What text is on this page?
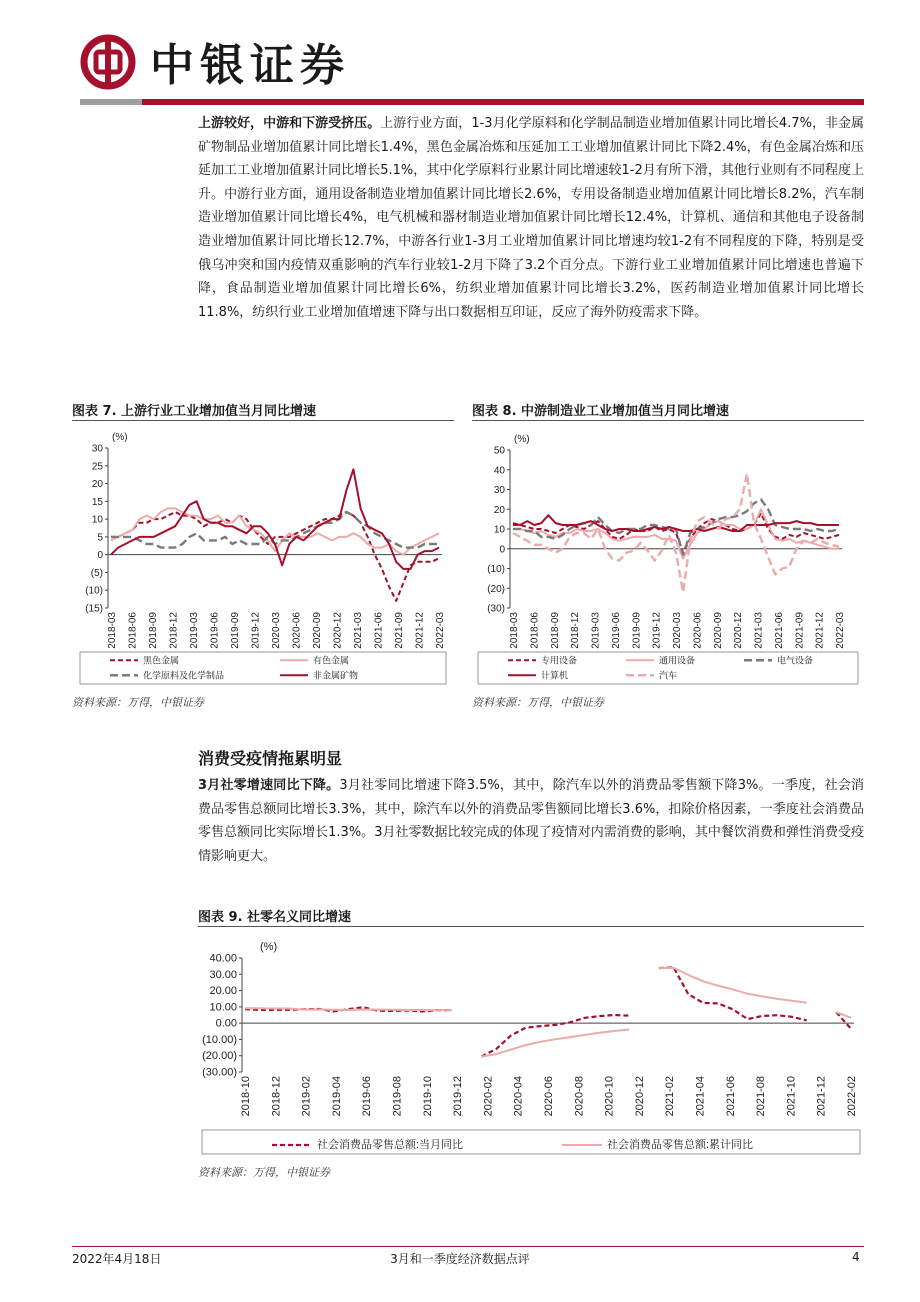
中银证券
上游较好，中游和下游受挤压。上游行业方面，1-3月化学原料和化学制品制造业增加值累计同比增长4.7%，非金属矿物制品业增加值累计同比增长1.4%，黑色金属冶炼和压延加工工业增加值累计同比下降2.4%，有色金属冶炼和压延加工工业增加值累计同比增长5.1%，其中化学原料行业累计同比增速较1-2月有所下滑，其他行业则有不同程度上升。中游行业方面，通用设备制造业增加值累计同比增长2.6%，专用设备制造业增加值累计同比增长8.2%，汽车制造业增加值累计同比增长4%，电气机械和器材制造业增加值累计同比增长12.4%，计算机、通信和其他电子设备制造业增加值累计同比增长12.7%，中游各行业1-3月工业增加值累计同比增速均较1-2有不同程度的下降，特别是受俄乌冲突和国内疫情双重影响的汽车行业较1-2月下降了3.2个百分点。下游行业工业增加值累计同比增速也普遍下降，食品制造业增加值累计同比增长6%，纺织业增加值累计同比增长3.2%，医药制造业增加值累计同比增长11.8%，纺织行业工业增加值增速下降与出口数据相互印证，反应了海外防疫需求下降。
图表 7. 上游行业工业增加值当月同比增速
30
25
20
15
10
5
0
(5)
(10)
(15)
(%)
2018-03 2018-06 2018-09 2018-12 2019-03 2019-06 2019-09 2019-12 2020-03 2020-06 2020-09 2020-12 2021-03 2021-06 2021-09 2021-12 2022-03
黑色金属	有色金属
化学原料及化学制品	非金属矿物
资料来源：万得，中银证券
图表 8. 中游制造业工业增加值当月同比增速
50
40
30
20
10
0
(10)
(20)
(30)
(%)
2018-03 2018-06 2018-09 2018-12 2019-03 2019-06 2019-09 2019-12 2020-03 2020-06 2020-09 2020-12 2021-03 2021-06 2021-09 2021-12 2022-03
专用设备	通用设备	电气设备
计算机	汽车
资料来源：万得，中银证券
消费受疫情拖累明显
3月社零增速同比下降。3月社零同比增速下降3.5%，其中，除汽车以外的消费品零售额下降3%。一季度，社会消费品零售总额同比增长3.3%，其中，除汽车以外的消费品零售额同比增长3.6%，扣除价格因素，一季度社会消费品零售总额同比实际增长1.3%。3月社零数据比较完成的体现了疫情对内需消费的影响，其中餐饮消费和弹性消费受疫情影响更大。
图表 9. 社零名义同比增速
40.00
30.00
20.00
10.00
0.00
(10.00)
(20.00)
(30.00)
(%)
2018-10 2018-12 2019-02 2019-04 2019-06 2019-08 2019-10 2019-12 2020-02 2020-04 2020-06 2020-08 2020-10 2020-12 2021-02 2021-04 2021-06 2021-08 2021-10 2021-12 2022-02
社会消费品零售总额:当月同比	社会消费品零售总额:累计同比
资料来源：万得，中银证券
3月和一季度经济数据点评
2022年4月18日	4
